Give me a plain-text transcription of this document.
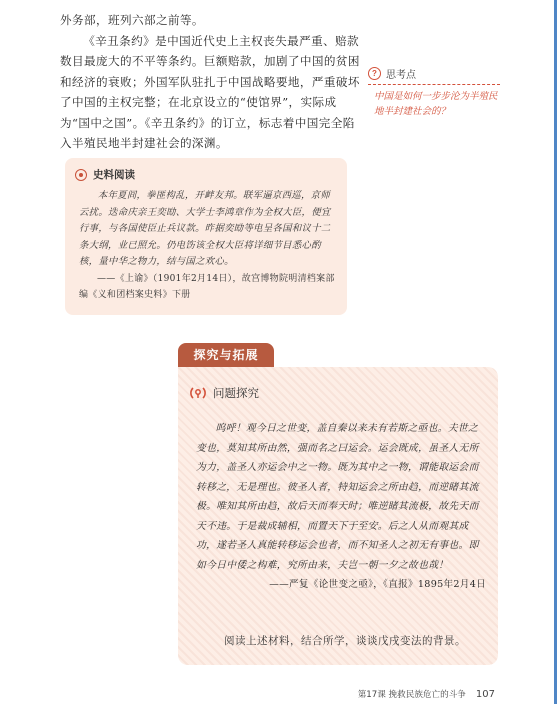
外务部，班列六部之前等。

《辛丑条约》是中国近代史上主权丧失最严重、赔款数目最庞大的不平等条约。巨额赔款，加剧了中国的贫困和经济的衰败；外国军队驻扎于中国战略要地，严重破坏了中国的主权完整；在北京设立的“使馆界”，实际成为“国中之国”。《辛丑条约》的订立，标志着中国完全陷入半殖民地半封建社会的深渊。

? 思考点
中国是如何一步步沦为半殖民地半封建社会的？
史料阅读

本年夏间，拳匪构乱，开衅友邦。联军逼京西巡，京师云扰。迭命庆亲王奕劻、大学士李鸿章作为全权大臣，便宜行事，与各国使臣止兵议款。昨据奕劻等电呈各国和议十二条大纲，业已照允。仍电饬该全权大臣将详细节目悉心酌核，量中华之物力，结与国之欢心。

——《上谕》（1901年2月14日），故宫博物院明清档案部编《义和团档案史料》下册

探究与拓展
问题探究

呜呼！观今日之世变，盖自秦以来未有若斯之亟也。夫世之变也，莫知其所由然，强而名之曰运会。运会既成，虽圣人无所为力，盖圣人亦运会中之一物。既为其中之一物，谓能取运会而转移之，无是理也。彼圣人者，特知运会之所由趋，而逆睹其流极。唯知其所由趋，故后天而奉天时；唯逆睹其流极，故先天而天不违。于是裁成辅相，而置天下于至安。后之人从而观其成功，遂若圣人真能转移运会也者，而不知圣人之初无有事也。即如今日中倭之构难，究所由来，夫岂一朝一夕之故也哉！

——严复《论世变之亟》，《直报》1895年2月4日

阅读上述材料，结合所学，谈谈戊戌变法的背景。
第17课 挽救民族危亡的斗争 107
